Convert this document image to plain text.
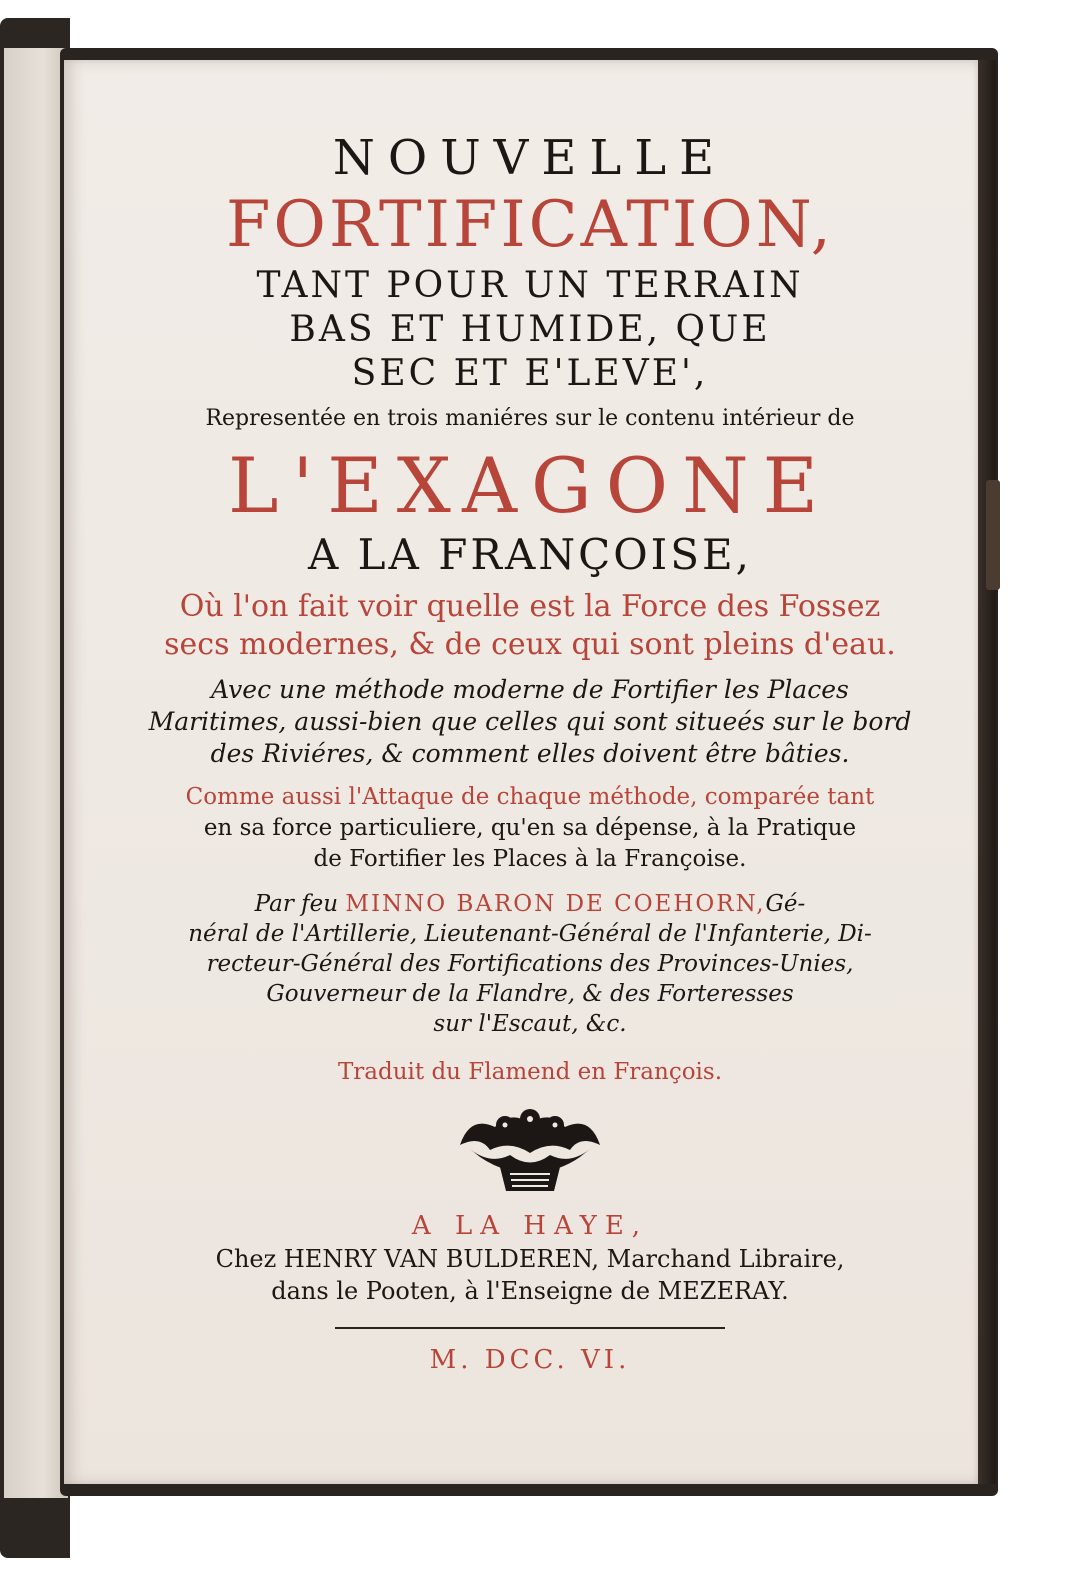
NOUVELLE

FORTIFICATION,

TANT POUR UN TERRAIN

BAS ET HUMIDE, QUE

SEC ET E'LEVE',

Representée en trois maniéres sur le contenu intérieur de

L'EXAGONE

A LA FRANÇOISE,

Où l'on fait voir quelle est la Force des Fossez
secs modernes, & de ceux qui sont pleins d'eau.

Avec une méthode moderne de Fortifier les Places
Maritimes, aussi-bien que celles qui sont situeés sur le bord
des Riviéres, & comment elles doivent être bâties.

Comme aussi l'Attaque de chaque méthode, comparée tant
en sa force particuliere, qu'en sa dépense, à la Pratique
de Fortifier les Places à la Françoise.

Par feu MINNO BARON DE COEHORN,Gé-
néral de l'Artillerie, Lieutenant-Général de l'Infanterie, Di-
recteur-Général des Fortifications des Provinces-Unies,
Gouverneur de la Flandre, & des Forteresses
sur l'Escaut, &c.

Traduit du Flamend en François.

A LA HAYE,

Chez HENRY VAN BULDEREN, Marchand Libraire,

dans le Pooten, à l'Enseigne de MEZERAY.

M. DCC. VI.
